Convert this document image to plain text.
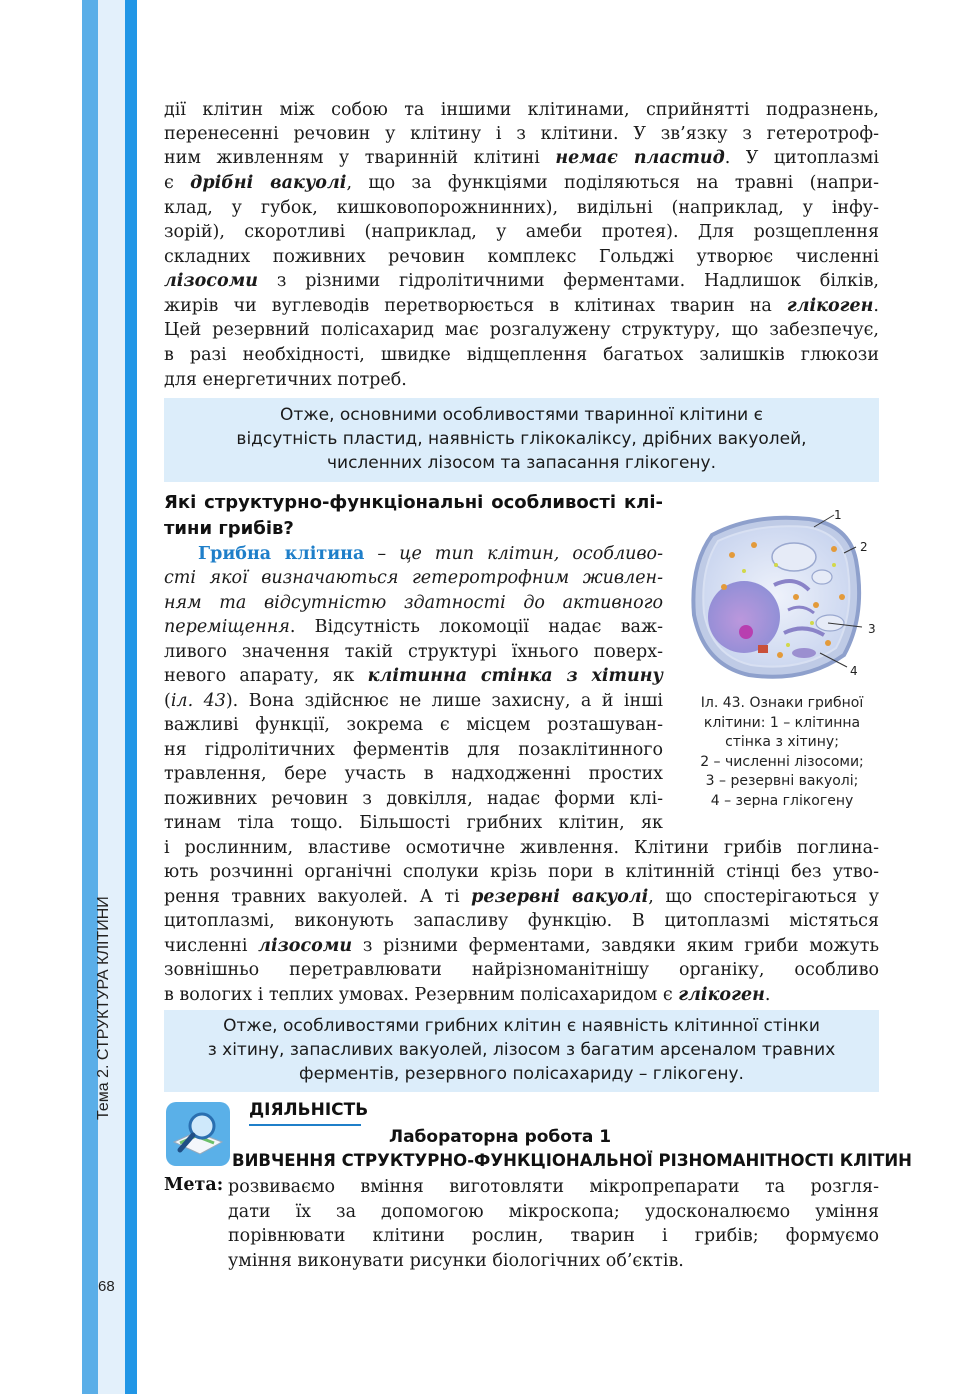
Тема 2. СТРУКТУРА КЛІТИНИ
68
дії клітин між собою та іншими клітинами, сприйнятті подразнень,
перенесенні речовин у клітину і з клітини. У зв’язку з гетеротроф-
ним живленням у тваринній клітині немає пластид. У цитоплазмі
є дрібні вакуолі, що за функціями поділяються на травні (напри-
клад, у губок, кишковопорожнинних), видільні (наприклад, у інфу-
зорій), скоротливі (наприклад, у амеби протея). Для розщеплення
складних поживних речовин комплекс Гольджі утворює численні
лізосоми з різними гідролітичними ферментами. Надлишок білків,
жирів чи вуглеводів перетворюється в клітинах тварин на глікоген.
Цей резервний полісахарид має розгалужену структуру, що забезпечує,
в разі необхідності, швидке відщеплення багатьох залишків глюкози
для енергетичних потреб.
Отже, основними особливостями тваринної клітини є
відсутність пластид, наявність глікокаліксу, дрібних вакуолей,
численних лізосом та запасання глікогену.
Які структурно-функціональні особливості клі-
тини грибів?
Грибна клітина – це тип клітин, особливо-
сті якої визначаються гетеротрофним живлен-
ням та відсутністю здатності до активного
переміщення. Відсутність локомоції надає важ-
ливого значення такій структурі їхнього поверх-
невого апарату, як клітинна стінка з хітину
(іл. 43). Вона здійснює не лише захисну, а й інші
важливі функції, зокрема є місцем розташуван-
ня гідролітичних ферментів для позаклітинного
травлення, бере участь в надходженні простих
поживних речовин з довкілля, надає форми клі-
тинам тіла тощо. Більшості грибних клітин, як
і рослинним, властиве осмотичне живлення. Клітини грибів поглина-
ють розчинні органічні сполуки крізь пори в клітинній стінці без утво-
рення травних вакуолей. А ті резервні вакуолі, що спостерігаються у
цитоплазмі, виконують запасливу функцію. В цитоплазмі містяться
численні лізосоми з різними ферментами, завдяки яким гриби можуть
зовнішньо перетравлювати найрізноманітнішу органіку, особливо
в вологих і теплих умовах. Резервним полісахаридом є глікоген.
1
2
3
4
Іл. 43. Ознаки грибної
клітини: 1 – клітинна
стінка з хітину;
2 – численні лізосоми;
3 – резервні вакуолі;
4 – зерна глікогену
Отже, особливостями грибних клітин є наявність клітинної стінки
з хітину, запасливих вакуолей, лізосом з багатим арсеналом травних
ферментів, резервного полісахариду – глікогену.
ДІЯЛЬНІСТЬ
Лабораторна робота 1
ВИВЧЕННЯ СТРУКТУРНО-ФУНКЦІОНАЛЬНОЇ РІЗНОМАНІТНОСТІ КЛІТИН
Мета: розвиваємо вміння виготовляти мікропрепарати та розгля-
дати їх за допомогою мікроскопа; удосконалюємо уміння
порівнювати клітини рослин, тварин і грибів; формуємо
уміння виконувати рисунки біологічних об’єктів.
